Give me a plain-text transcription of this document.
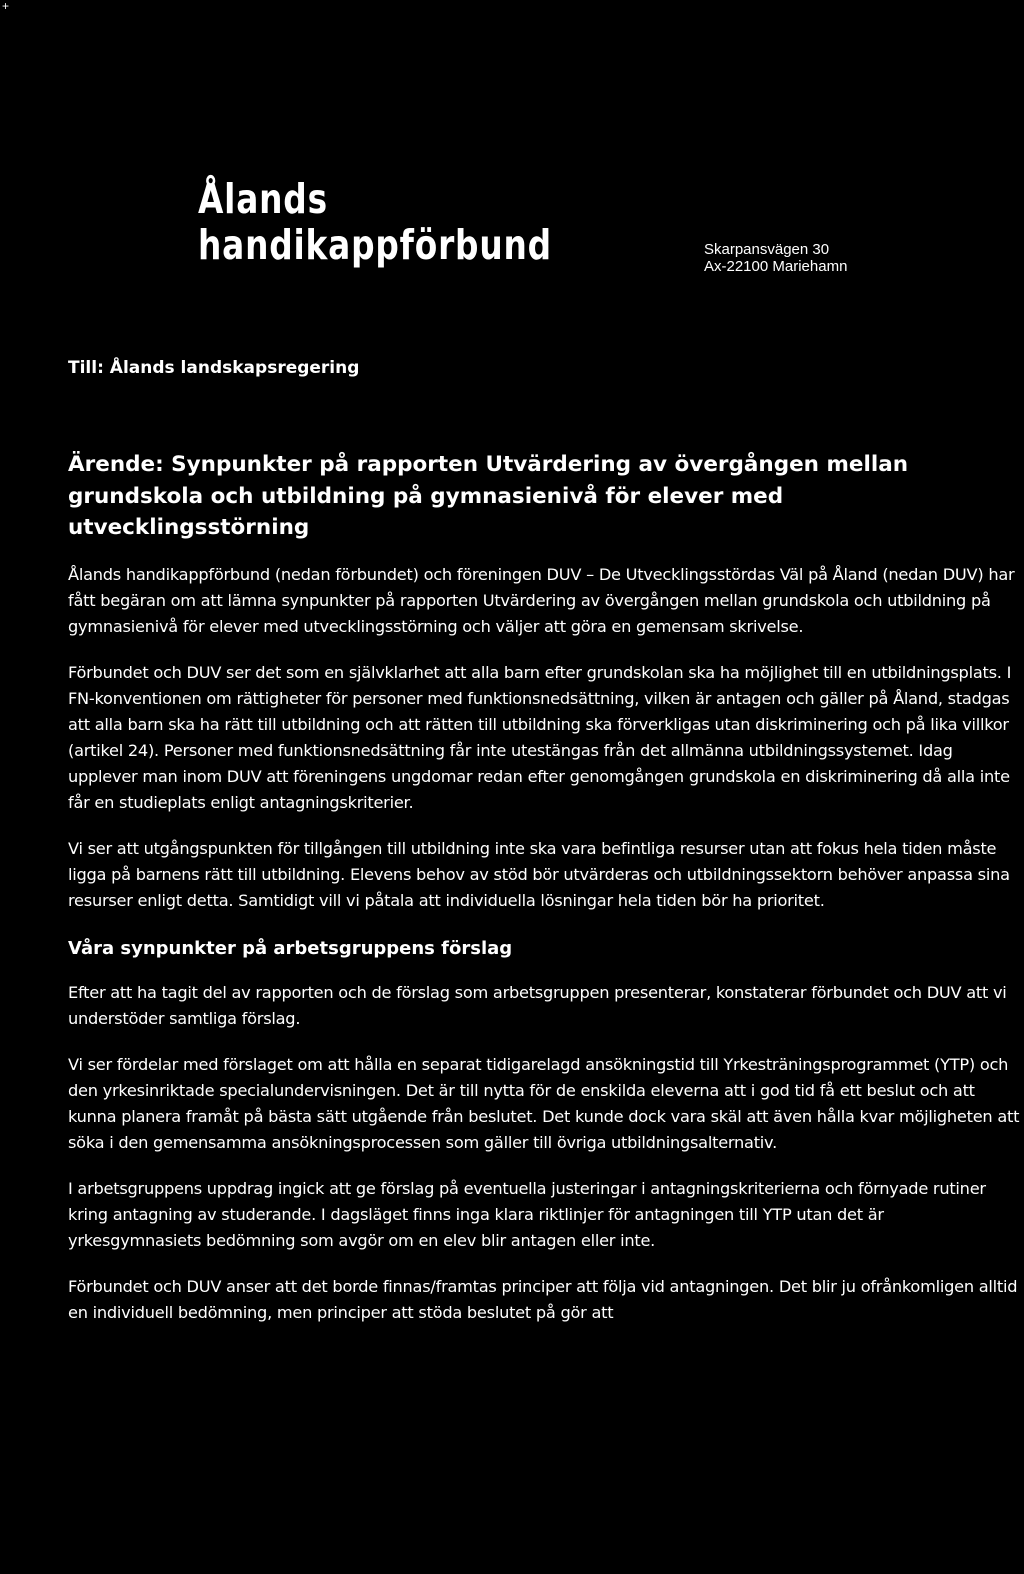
+
Ålands
handikappförbund	Skarpansvägen 30
Ax-22100 Mariehamn

Till: Ålands landskapsregering

Ärende: Synpunkter på rapporten Utvärdering av övergången mellan grundskola och utbildning på gymnasienivå för elever med utvecklingsstörning

Ålands handikappförbund (nedan förbundet) och föreningen DUV – De Utvecklingsstördas Väl på Åland (nedan DUV) har fått begäran om att lämna synpunkter på rapporten Utvärdering av övergången mellan grundskola och utbildning på gymnasienivå för elever med utvecklingsstörning och väljer att göra en gemensam skrivelse.

Förbundet och DUV ser det som en självklarhet att alla barn efter grundskolan ska ha möjlighet till en utbildningsplats. I FN-konventionen om rättigheter för personer med funktionsnedsättning, vilken är antagen och gäller på Åland, stadgas att alla barn ska ha rätt till utbildning och att rätten till utbildning ska förverkligas utan diskriminering och på lika villkor (artikel 24). Personer med funktionsnedsättning får inte utestängas från det allmänna utbildningssystemet. Idag upplever man inom DUV att föreningens ungdomar redan efter genomgången grundskola en diskriminering då alla inte får en studieplats enligt antagningskriterier.

Vi ser att utgångspunkten för tillgången till utbildning inte ska vara befintliga resurser utan att fokus hela tiden måste ligga på barnens rätt till utbildning. Elevens behov av stöd bör utvärderas och utbildningssektorn behöver anpassa sina resurser enligt detta. Samtidigt vill vi påtala att individuella lösningar hela tiden bör ha prioritet.

Våra synpunkter på arbetsgruppens förslag

Efter att ha tagit del av rapporten och de förslag som arbetsgruppen presenterar, konstaterar förbundet och DUV att vi understöder samtliga förslag.

Vi ser fördelar med förslaget om att hålla en separat tidigarelagd ansökningstid till Yrkesträningsprogrammet (YTP) och den yrkesinriktade specialundervisningen. Det är till nytta för de enskilda eleverna att i god tid få ett beslut och att kunna planera framåt på bästa sätt utgående från beslutet. Det kunde dock vara skäl att även hålla kvar möjligheten att söka i den gemensamma ansökningsprocessen som gäller till övriga utbildningsalternativ.

I arbetsgruppens uppdrag ingick att ge förslag på eventuella justeringar i antagningskriterierna och förnyade rutiner kring antagning av studerande. I dagsläget finns inga klara riktlinjer för antagningen till YTP utan det är yrkesgymnasiets bedömning som avgör om en elev blir antagen eller inte.

Förbundet och DUV anser att det borde finnas/framtas principer att följa vid antagningen. Det blir ju ofrånkomligen alltid en individuell bedömning, men principer att stöda beslutet på gör att
